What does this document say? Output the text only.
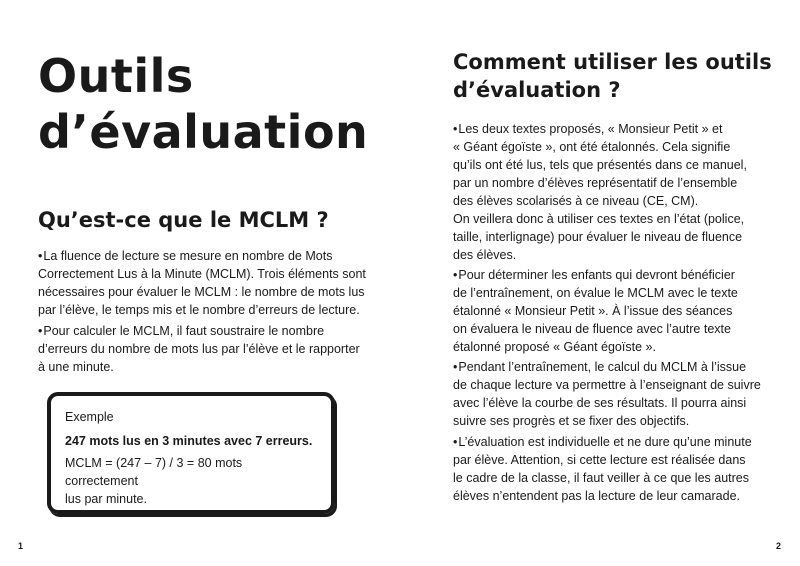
Outils
d’évaluation
Qu’est-ce que le MCLM ?

•La fluence de lecture se mesure en nombre de Mots
Correctement Lus à la Minute (MCLM). Trois éléments sont
nécessaires pour évaluer le MCLM : le nombre de mots lus
par l’élève, le temps mis et le nombre d’erreurs de lecture.

•Pour calculer le MCLM, il faut soustraire le nombre
d’erreurs du nombre de mots lus par l’élève et le rapporter
à une minute.

Exemple

247 mots lus en 3 minutes avec 7 erreurs.

MCLM = (247 – 7) / 3 = 80 mots correctement
lus par minute.

1
Comment utiliser les outils
d’évaluation ?

•Les deux textes proposés, « Monsieur Petit » et
« Géant égoïste », ont été étalonnés. Cela signifie
qu’ils ont été lus, tels que présentés dans ce manuel,
par un nombre d’élèves représentatif de l’ensemble
des élèves scolarisés à ce niveau (CE, CM).
On veillera donc à utiliser ces textes en l’état (police,
taille, interlignage) pour évaluer le niveau de fluence
des élèves.

•Pour déterminer les enfants qui devront bénéficier
de l’entraînement, on évalue le MCLM avec le texte
étalonné « Monsieur Petit ». À l’issue des séances
on évaluera le niveau de fluence avec l’autre texte
étalonné proposé « Géant égoïste ».

•Pendant l’entraînement, le calcul du MCLM à l’issue
de chaque lecture va permettre à l’enseignant de suivre
avec l’élève la courbe de ses résultats. Il pourra ainsi
suivre ses progrès et se fixer des objectifs.

•L’évaluation est individuelle et ne dure qu’une minute
par élève. Attention, si cette lecture est réalisée dans
le cadre de la classe, il faut veiller à ce que les autres
élèves n’entendent pas la lecture de leur camarade.

2
